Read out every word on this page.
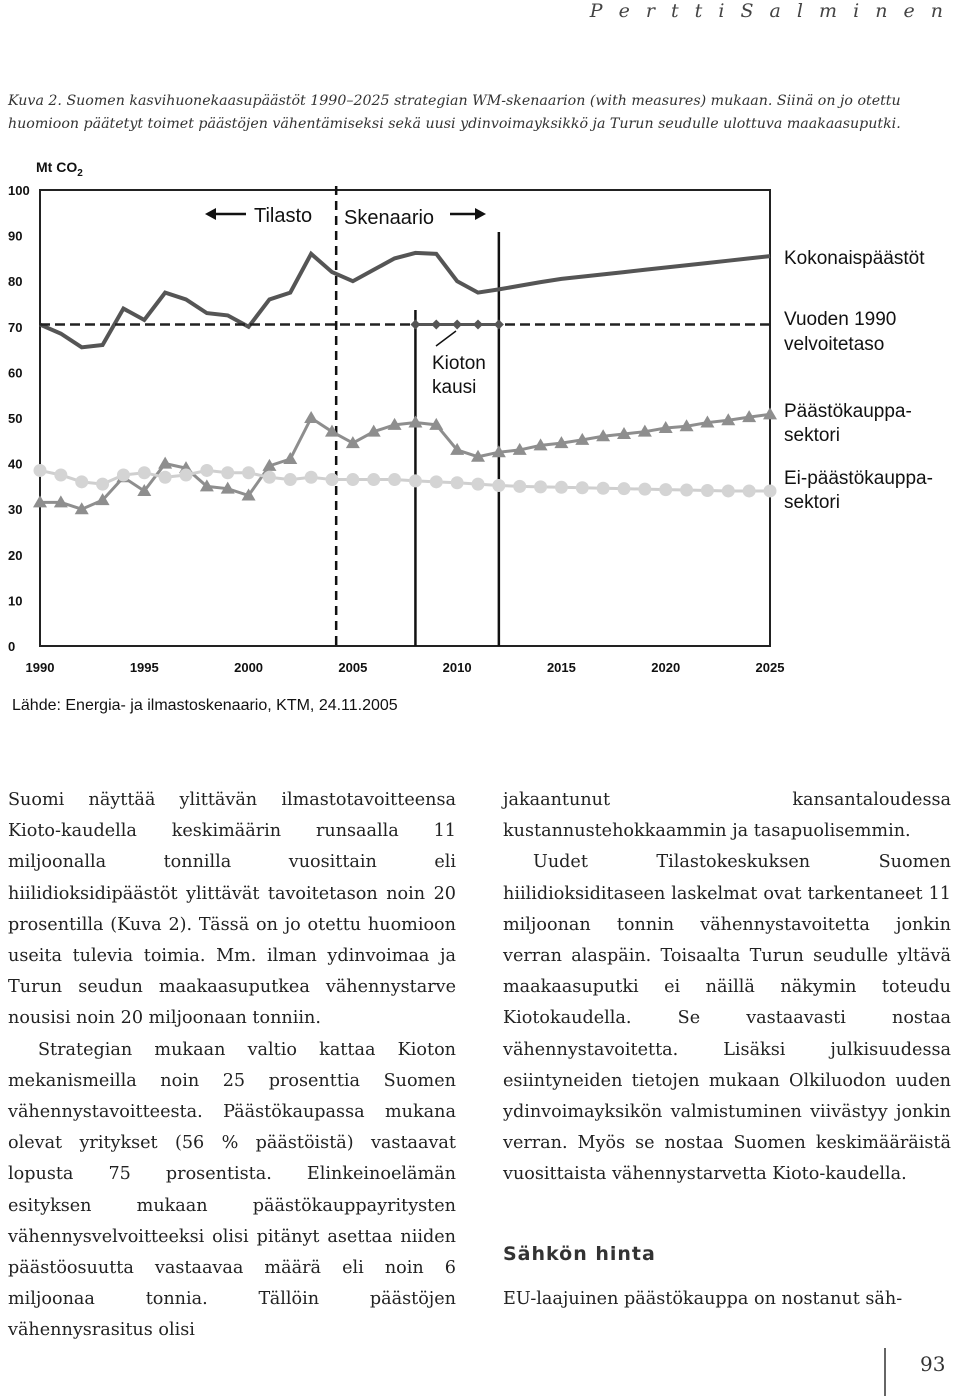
P e r t t i S a l m i n e n
Kuva 2. Suomen kasvihuonekaasupäästöt 1990–2025 strategian WM-skenaarion (with measures) mukaan. Siinä on jo otettu huomioon päätetyt toimet päästöjen vähentämiseksi sekä uusi ydinvoimayksikkö ja Turun seudulle ulottuva maakaasuputki.
0
10
20
30
40
50
60
70
80
90
100
1990	1995	2000	2005	2010	2015	2020	2025
Mt $CO_2$
Tilasto Skenaario
Kioton
kausi
Kokonaispäästöt
Vuoden 1990
velvoitetaso
Päästökauppa-
sektori
Ei-päästökauppa-
sektori
Lähde: Energia- ja ilmastoskenaario, KTM, 24.11.2005

Suomi näyttää ylittävän ilmastotavoitteensa Kioto-kaudella keskimäärin runsaalla 11 miljoonalla tonnilla vuosittain eli hiilidioksidipäästöt ylittävät tavoitetason noin 20 prosentilla (Kuva 2). Tässä on jo otettu huomioon useita tulevia toimia. Mm. ilman ydinvoimaa ja Turun seudun maakaasuputkea vähennystarve nousisi noin 20 miljoonaan tonniin.

Strategian mukaan valtio kattaa Kioton mekanismeilla noin 25 prosenttia Suomen vähennystavoitteesta. Päästökaupassa mukana olevat yritykset (56 % päästöistä) vastaavat lopusta 75 prosentista. Elinkeinoelämän esityksen mukaan päästökauppayritysten vähennysvelvoitteeksi olisi pitänyt asettaa niiden päästöosuutta vastaavaa määrä eli noin 6 miljoonaa tonnia. Tällöin päästöjen vähennysrasitus olisi

jakaantunut kansantaloudessa kustannustehokkaammin ja tasapuolisemmin.

Uudet Tilastokeskuksen Suomen hiilidioksiditaseen laskelmat ovat tarkentaneet 11 miljoonan tonnin vähennystavoitetta jonkin verran alaspäin. Toisaalta Turun seudulle yltävä maakaasuputki ei näillä näkymin toteudu Kiotokaudella. Se vastaavasti nostaa vähennystavoitetta. Lisäksi julkisuudessa esiintyneiden tietojen mukaan Olkiluodon uuden ydinvoimayksikön valmistuminen viivästyy jonkin verran. Myös se nostaa Suomen keskimääräistä vuosittaista vähennystarvetta Kioto-kaudella.

Sähkön hinta

EU-laajuinen päästökauppa on nostanut säh-

93
